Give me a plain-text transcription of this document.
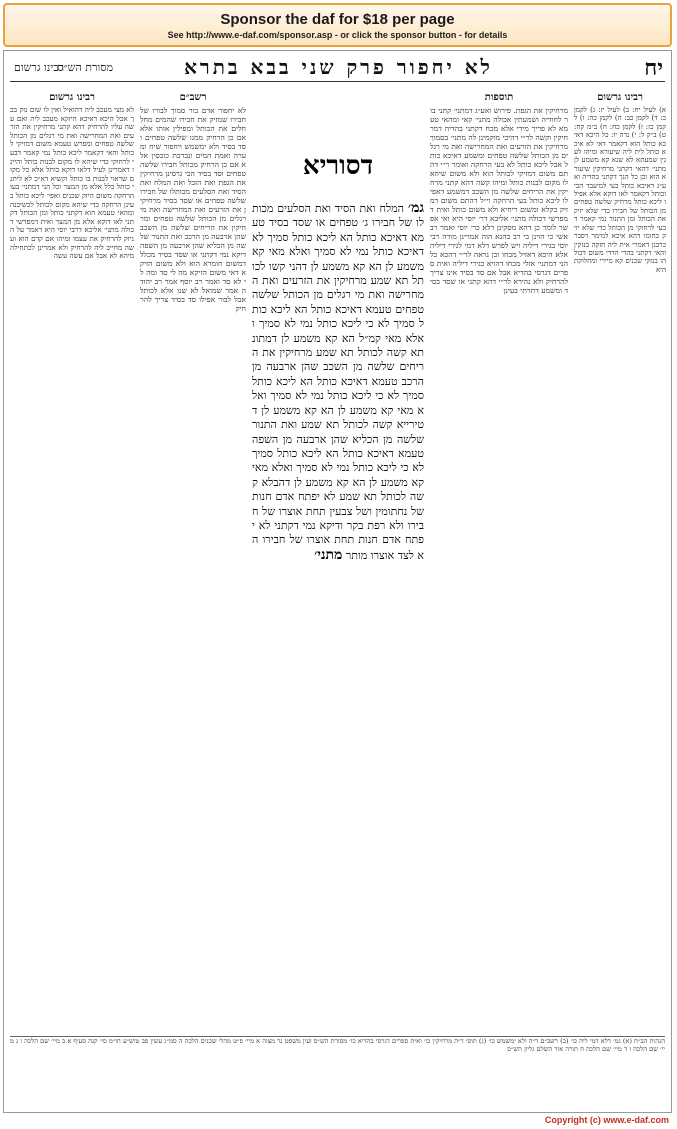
Sponsor the daf for $18 per page
See http://www.e-daf.com/sponsor.asp - or click the sponsor button - for details
יח
לא יחפור פרק שני בבא בתרא
רבינו גרשום
מסורת הש״ס
רבינו גרשום
א) לעיל יח: ב) לעיל יז: ג) לקמן כ: ד) לקמן כב: ה) לקמן כה: ו) לקמן כז: ז) לקמן כח: ח) ב״מ קח: ט) ב״ק ל: י) נדה יז: כל היכא דאיכא כותל הוא דקאמר דאי לא איכא כותל לית ליה שיעורא ומיהו לענין שמעתא לא שנא קא משמע לן מתני׳ דהאי דקתני מרחיקין שיעורא הוא וכן כל הנך דקתני בהדיה ואע״ג דאיכא כותל בעי למיעבד הכי וכותל דקאמר לאו דוקא אלא אפילו ליכא כותל מרחיק שלשה טפחים מן הכותל של חבירו כדי שלא יזיק את הכותל ומן התנור נמי קאמר דבעי לרחוקי מן הכותל כדי שלא יזיק בחומו דהא איכא למימר דסבר כרבנן דאמרי אית ליה חזקה בנזקין והאי דקתני בהדי הדדי משום דכולהו בנזקי שכנים קא מיירי ומחלוקת היא
תוספות
מרחיקין את הגפת. פירוש ואע״ג דמתני׳ קתני בור לחודיה ושמעתין אכולה מתני׳ קאי ומהאי טעמא לא פריך מידי אלא מכח דקתני בהדיה דמרחיקין וקשה לר״י דהיכי מוקמינן לה מתני׳ בסמוך מרחיקין את הזרעים ואת המחרישה ואת מי רגלים מן הכותל שלשה טפחים ומשמע דאיכא כותל אבל ליכא כותל לא בעי הרחקה ואומר ר״י דהתם משום דמזיקי לכותל הוא ולא משום שיהא לו מקום לבנות כותל ומיהו קשה דהא קתני מרחיקין את הריחים שלשה מן השכב דמשמע דאפילו ליכא כותל בעי הרחקה וי״ל דהתם משום דמזיק בקלא ומשום ריחיא ולא משום כותל ואית דמפרשי דכולה מתני׳ אליבא דר׳ יוסי היא ואי אפשר לומר כן דהא מסקינן דלא כר׳ יוסי ואמר רב אשי כי הוינן בי רב כהנא הוה אמרינן מודה רבי יוסי בגירי דיליה ויש לפרש דלא דמי לגירי דיליה אלא היכא דאזיל מכחו וכן נראה לר״י דהכא כל הני דמתני׳ אזלי מכחו דהויא כגירי דיליה ואית ספרים דגרסי בהדיא אבל אם סד בסיד אינו צריך להרחיק ולא נהירא לר״י דהא קתני או שסד בסיד ומשמע דתרתי בעינן
דסוריא
גמ׳ המלח ואת הסיד ואת הסלעים מכותלו של חבירו ג׳ טפחים או שסד בסיד טעמא דאיכא כותל הא ליכא כותל סמיך לא דאיכא כותל נמי לא סמיך ואלא מאי קא משמע לן הא קא משמע לן דהני קשו לכותל תא שמע מרחיקין את הזרעים ואת המחרישה ואת מי רגלים מן הכותל שלשה טפחים טעמא דאיכא כותל הא ליכא כותל סמיך לא כי ליכא כותל נמי לא סמיך ואלא מאי קמ״ל הא קא משמע לן דמתונתא קשה לכותל תא שמע מרחיקין את הריחים שלשה מן השכב שהן ארבעה מן הרכב טעמא דאיכא כותל הא ליכא כותל סמיך לא כי ליכא כותל נמי לא סמיך ואלא מאי קא משמע לן הא קא משמע לן דטירייא קשה לכותל תא שמע ואת התנור שלשה מן הכליא שהן ארבעה מן השפה טעמא דאיכא כותל הא ליכא כותל סמיך לא כי ליכא כותל נמי לא סמיך ואלא מאי קא משמע לן הא קא משמע לן דהבלא קשה לכותל תא שמע לא יפתח אדם חנות של נחתומין ושל צבעין תחת אוצרו של חבירו ולא רפת בקר ודיקא נמי דקתני לא יפתח אדם חנות תחת אוצרו של חבירו הא לצד אוצרו מותר מתני׳
רשב״ם
לא יחפור אדם בור סמוך לבורו של חבירו שמזיק את חבירו שהמים מחלחלים את הכותל ומפילין אותו אלא אם כן הרחיק ממנו שלשה טפחים וסד בסיד ולא ימשמש ויחפור שיח ומערה ואמת המים ונברכת כובסין אלא אם כן הרחיק מכותל חבירו שלשה טפחים וסד בסיד הכי גרסינן מרחיקין את הגפת ואת הזבל ואת המלח ואת הסיד ואת הסלעים מכותלו של חבירו שלשה טפחים או שסד בסיד מרחיקין את הזרעים ואת המחרישה ואת מי רגלים מן הכותל שלשה טפחים ומרחיקין את הריחים שלשה מן השכב שהן ארבעה מן הרכב ואת התנור שלשה מן הכליא שהן ארבעה מן השפה דיקא נמי דקתני או שסד בסיד מכלל דמשום חומרא הוא ולא משום הזיקא דאי משום הזיקא מה לי סד ומה לי לא סד ואמר רב יוסף אמר רב יהודה אמר שמואל לא שנו אלא לכותל אבל לבור אפילו סד בסיד צריך להרחיק
רבינו גרשום
לא מצי מעכב ליה דהואיל ואין לו שום נזק בכך אבל היכא דאיכא היזקא מעכב ליה ואם עשה עליו להרחיק דהא קתני מרחיקין את הזרעים ואת המחרישה ואת מי רגלים מן הכותל שלשה טפחים ומפרש טעמא משום דמזיקי לכותל והאי דקאמר ליכא כותל נמי קאמר דבעי לרחוקי כדי שיהא לו מקום לבנות כותל והיינו דאמרינן לעיל דלאו דוקא כותל אלא כל מקום שראוי לבנות בו כותל וקשיא דא״כ לא ליתני כותל כלל אלא מן המצר וכל הני דמתני׳ בעו הרחקה משום היזק שכנים ואפי׳ ליכא כותל בעינן הרחקה כדי שיהא מקום לכותל לכשיבנה ומהאי טעמא הוא דקתני כותל ומן הכותל דקתני לאו דוקא אלא מן המצר ואית דמפרשי דכולה מתני׳ אליבא דרבי יוסי היא דאמר על הניזק להרחיק את עצמו ומיהו אם קדם הוא ועשה מחייב ליה להרחיק ולא אמרינן לכתחילה מיהא לא אבל אם עשה עשה
הגהות הב״ח (א) גמ׳ דלא דמי ליה כו׳ (ב) רשב״ם ד״ה ולא ימשמש כו׳ (ג) תוס׳ ד״ה מרחיקין כו׳ ואית ספרים דגרסי בהדיא כו׳ מסורת הש״ס ועין משפט נר מצוה א מיי׳ פ״ט מהל׳ שכנים הלכה ה סמ״ג עשין פב טוש״ע חו״מ סי׳ קנה סעיף א ב מיי׳ שם הלכה ו ג מיי׳ שם הלכה ז ד מיי׳ שם הלכה ח תורה אור השלם גליון הש״ס
Copyright (c) www.e-daf.com
